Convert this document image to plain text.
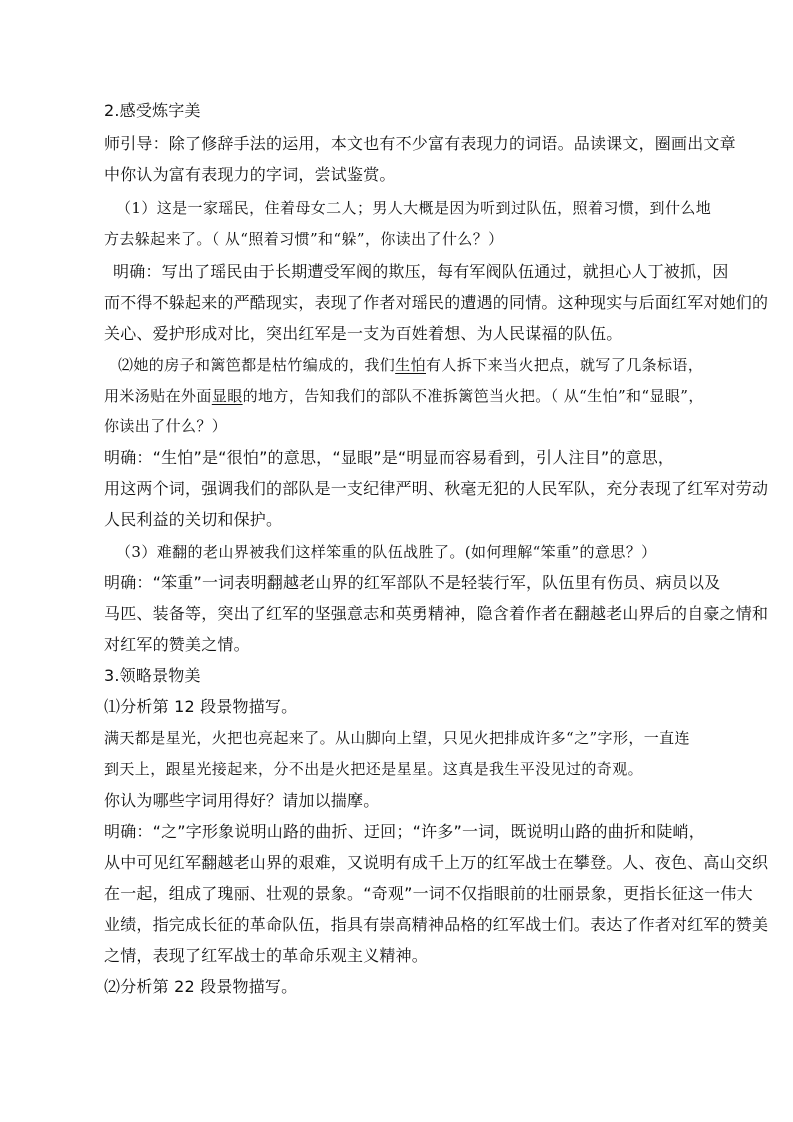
2.感受炼字美
师引导：除了修辞手法的运用，本文也有不少富有表现力的词语。品读课文，圈画出文章
中你认为富有表现力的字词，尝试鉴赏。
（1）这是一家瑶民，住着母女二人；男人大概是因为听到过队伍，照着习惯，到什么地
方去躲起来了。（ 从“照着习惯”和“躲”，你读出了什么？）
明确：写出了瑶民由于长期遭受军阀的欺压，每有军阀队伍通过，就担心人丁被抓，因
而不得不躲起来的严酷现实，表现了作者对瑶民的遭遇的同情。这种现实与后面红军对她们的
关心、爱护形成对比，突出红军是一支为百姓着想、为人民谋福的队伍。
⑵她的房子和篱笆都是枯竹编成的，我们生怕有人拆下来当火把点，就写了几条标语，
用米汤贴在外面显眼的地方，告知我们的部队不准拆篱笆当火把。（ 从“生怕”和“显眼”，
你读出了什么？）
明确：“生怕”是“很怕”的意思，“显眼”是“明显而容易看到，引人注目”的意思，
用这两个词，强调我们的部队是一支纪律严明、秋毫无犯的人民军队，充分表现了红军对劳动
人民利益的关切和保护。
（3）难翻的老山界被我们这样笨重的队伍战胜了。(如何理解“笨重”的意思？）
明确：“笨重”一词表明翻越老山界的红军部队不是轻装行军，队伍里有伤员、病员以及
马匹、装备等，突出了红军的坚强意志和英勇精神，隐含着作者在翻越老山界后的自豪之情和
对红军的赞美之情。
3.领略景物美
⑴分析第 12 段景物描写。
满天都是星光，火把也亮起来了。从山脚向上望，只见火把排成许多“之”字形，一直连
到天上，跟星光接起来，分不出是火把还是星星。这真是我生平没见过的奇观。
你认为哪些字词用得好？请加以揣摩。
明确：“之”字形象说明山路的曲折、迂回；“许多”一词，既说明山路的曲折和陡峭，
从中可见红军翻越老山界的艰难，又说明有成千上万的红军战士在攀登。人、夜色、高山交织
在一起，组成了瑰丽、壮观的景象。“奇观”一词不仅指眼前的壮丽景象，更指长征这一伟大
业绩，指完成长征的革命队伍，指具有崇高精神品格的红军战士们。表达了作者对红军的赞美
之情，表现了红军战士的革命乐观主义精神。
⑵分析第 22 段景物描写。
